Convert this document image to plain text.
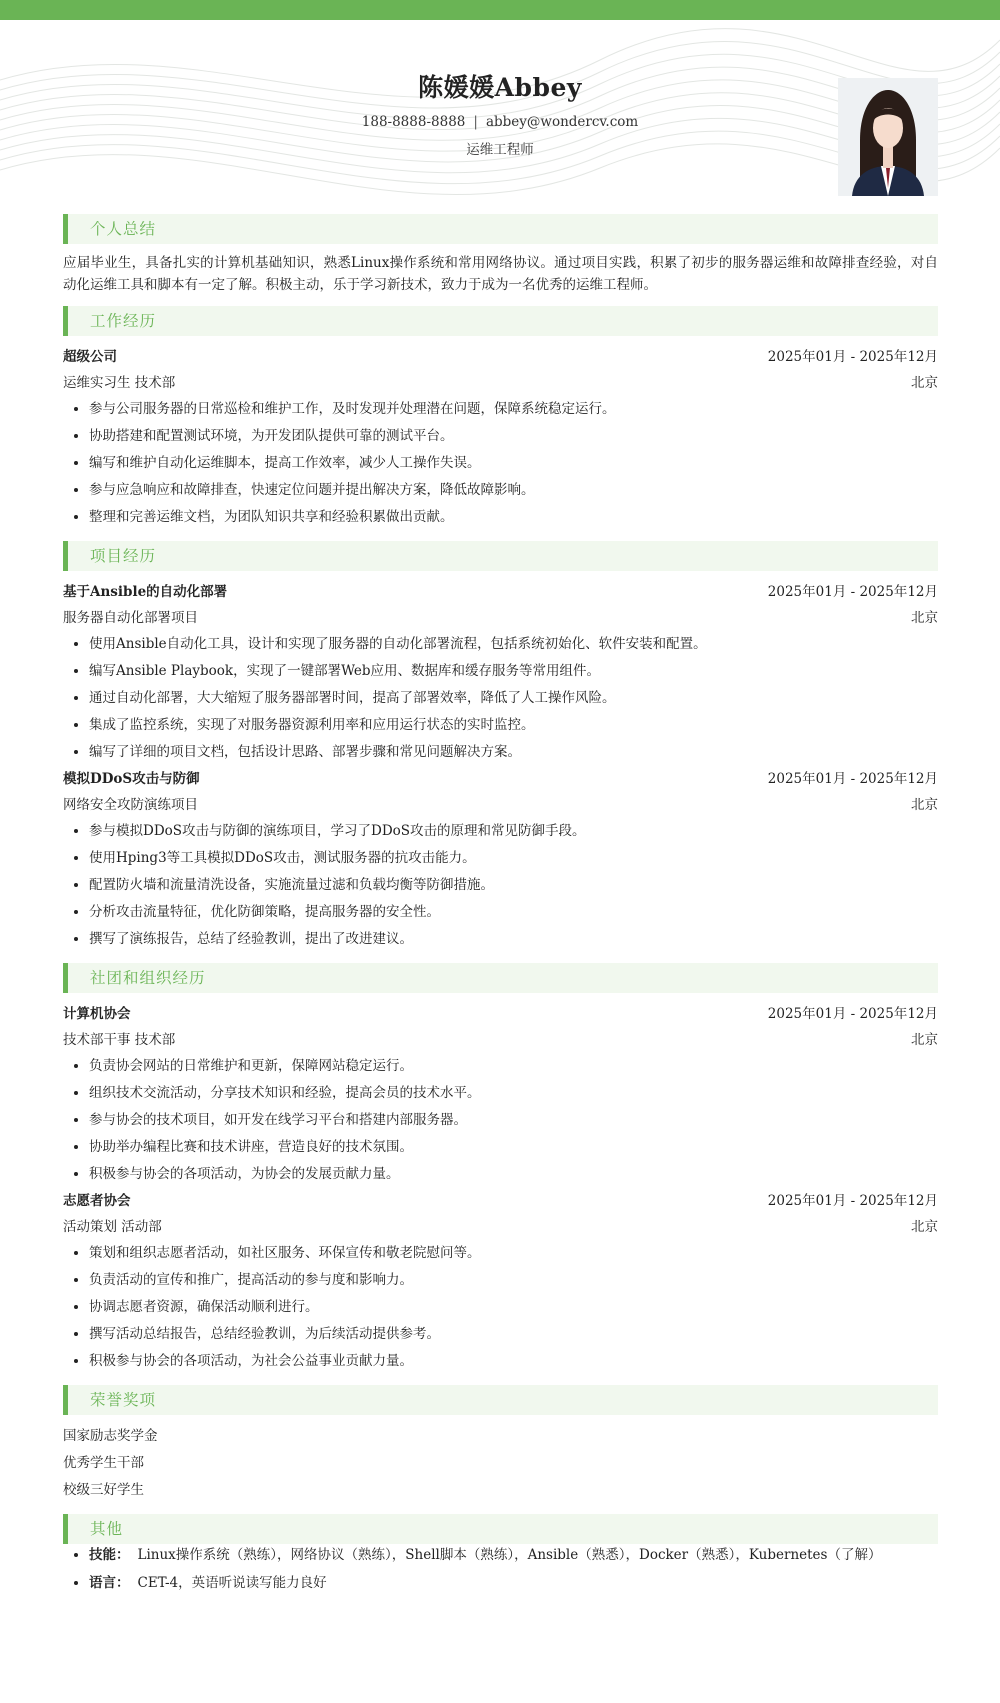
陈媛媛Abbey
188-8888-8888 | abbey@wondercv.com
运维工程师
个人总结
应届毕业生，具备扎实的计算机基础知识，熟悉Linux操作系统和常用网络协议。通过项目实践，积累了初步的服务器运维和故障排查经验，对自动化运维工具和脚本有一定了解。积极主动，乐于学习新技术，致力于成为一名优秀的运维工程师。
工作经历
超级公司	2025年01月 - 2025年12月
运维实习生 技术部	北京
• 参与公司服务器的日常巡检和维护工作，及时发现并处理潜在问题，保障系统稳定运行。
• 协助搭建和配置测试环境，为开发团队提供可靠的测试平台。
• 编写和维护自动化运维脚本，提高工作效率，减少人工操作失误。
• 参与应急响应和故障排查，快速定位问题并提出解决方案，降低故障影响。
• 整理和完善运维文档，为团队知识共享和经验积累做出贡献。
项目经历
基于Ansible的自动化部署	2025年01月 - 2025年12月
服务器自动化部署项目	北京
• 使用Ansible自动化工具，设计和实现了服务器的自动化部署流程，包括系统初始化、软件安装和配置。
• 编写Ansible Playbook，实现了一键部署Web应用、数据库和缓存服务等常用组件。
• 通过自动化部署，大大缩短了服务器部署时间，提高了部署效率，降低了人工操作风险。
• 集成了监控系统，实现了对服务器资源利用率和应用运行状态的实时监控。
• 编写了详细的项目文档，包括设计思路、部署步骤和常见问题解决方案。
模拟DDoS攻击与防御	2025年01月 - 2025年12月
网络安全攻防演练项目	北京
• 参与模拟DDoS攻击与防御的演练项目，学习了DDoS攻击的原理和常见防御手段。
• 使用Hping3等工具模拟DDoS攻击，测试服务器的抗攻击能力。
• 配置防火墙和流量清洗设备，实施流量过滤和负载均衡等防御措施。
• 分析攻击流量特征，优化防御策略，提高服务器的安全性。
• 撰写了演练报告，总结了经验教训，提出了改进建议。
社团和组织经历
计算机协会	2025年01月 - 2025年12月
技术部干事 技术部	北京
• 负责协会网站的日常维护和更新，保障网站稳定运行。
• 组织技术交流活动，分享技术知识和经验，提高会员的技术水平。
• 参与协会的技术项目，如开发在线学习平台和搭建内部服务器。
• 协助举办编程比赛和技术讲座，营造良好的技术氛围。
• 积极参与协会的各项活动，为协会的发展贡献力量。
志愿者协会	2025年01月 - 2025年12月
活动策划 活动部	北京
• 策划和组织志愿者活动，如社区服务、环保宣传和敬老院慰问等。
• 负责活动的宣传和推广，提高活动的参与度和影响力。
• 协调志愿者资源，确保活动顺利进行。
• 撰写活动总结报告，总结经验教训，为后续活动提供参考。
• 积极参与协会的各项活动，为社会公益事业贡献力量。
荣誉奖项
国家励志奖学金
优秀学生干部
校级三好学生
其他
• 技能： Linux操作系统（熟练），网络协议（熟练），Shell脚本（熟练），Ansible（熟悉），Docker（熟悉），Kubernetes（了解）
• 语言： CET-4，英语听说读写能力良好
